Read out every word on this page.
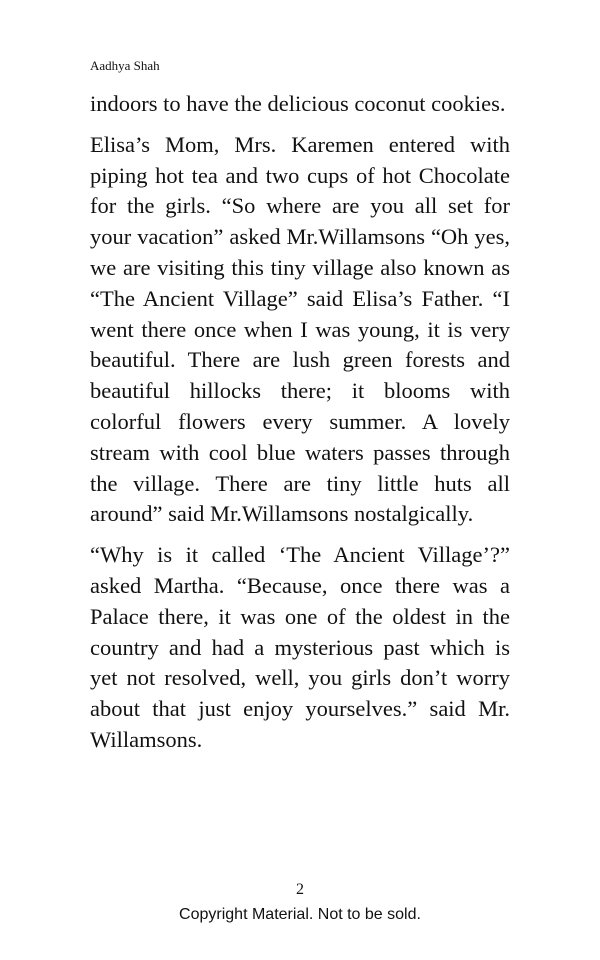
Aadhya Shah

indoors to have the delicious coconut cookies.

Elisa’s Mom, Mrs. Karemen entered with piping hot tea and two cups of hot Chocolate for the girls. “So where are you all set for your vacation” asked Mr.Willamsons “Oh yes, we are visiting this tiny village also known as “The Ancient Village” said Elisa’s Father. “I went there once when I was young, it is very beautiful. There are lush green forests and beautiful hillocks there; it blooms with colorful flowers every summer. A lovely stream with cool blue waters passes through the village. There are tiny little huts all around” said Mr.Willamsons nostalgically.

“Why is it called ‘The Ancient Village’?” asked Martha. “Because, once there was a Palace there, it was one of the oldest in the country and had a mysterious past which is yet not resolved, well, you girls don’t worry about that just enjoy yourselves.” said Mr. Willamsons.

2

Copyright Material. Not to be sold.
